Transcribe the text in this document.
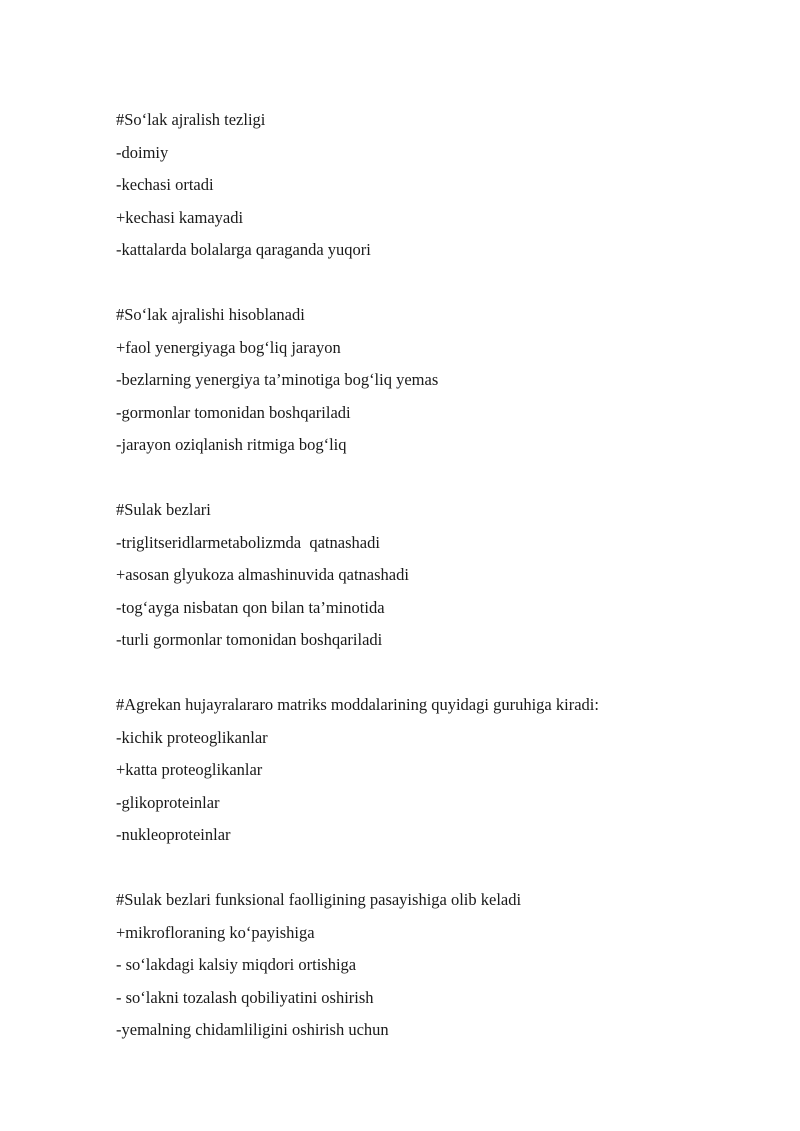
#So‘lak ajralish tezligi

-doimiy

-kechasi ortadi

+kechasi kamayadi

-kattalarda bolalarga qaraganda yuqori

#So‘lak ajralishi hisoblanadi

+faol yenergiyaga bog‘liq jarayon

-bezlarning yenergiya ta’minotiga bog‘liq yemas

-gormonlar tomonidan boshqariladi

-jarayon oziqlanish ritmiga bog‘liq

#Sulak bezlari

-triglitseridlarmetabolizmda  qatnashadi

+asosan glyukoza almashinuvida qatnashadi

-tog‘ayga nisbatan qon bilan ta’minotida

-turli gormonlar tomonidan boshqariladi

#Agrekan hujayralararo matriks moddalarining quyidagi guruhiga kiradi:

-kichik proteoglikanlar

+katta proteoglikanlar

-glikoproteinlar

-nukleoproteinlar

#Sulak bezlari funksional faolligining pasayishiga olib keladi

+mikrofloraning ko‘payishiga

- so‘lakdagi kalsiy miqdori ortishiga

- so‘lakni tozalash qobiliyatini oshirish

-yemalning chidamliligini oshirish uchun
